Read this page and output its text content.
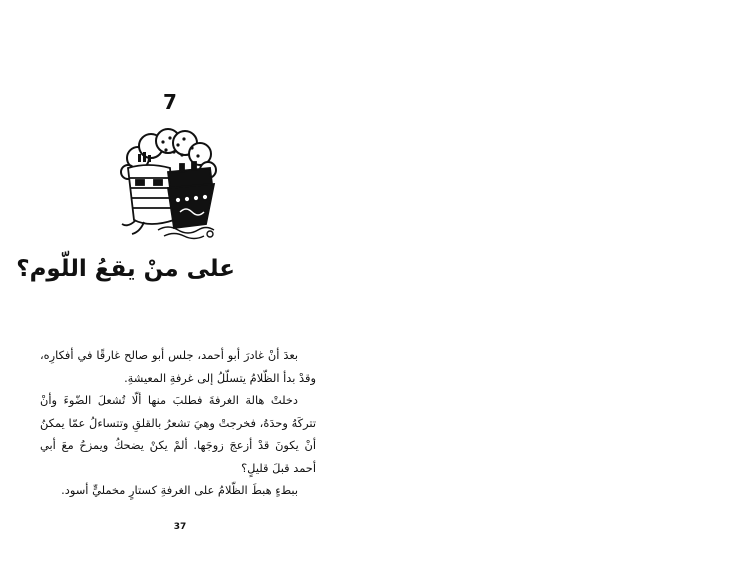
7
على منْ يقعُ اللّوم؟

بعدَ أنْ غادرَ أبو أحمد، جلس أبو صالح غارقًا في أفكارِه، وقدْ بدأ الظّلامُ يتسلّلُ إلى غرفةِ المعيشةِ.

دخلتْ هالة الغرفةَ فطلبَ منها ألّا تُشعلَ الضّوءَ وأنْ تتركَهُ وحدَهُ، فخرجتْ وهيَ تشعرُ بالقلقِ وتتساءلُ عمّا يمكنُ أنْ يكونَ قدْ أزعجَ زوجَها. ألمْ يكنْ يضحكُ ويمزحُ معَ أبي أحمد قبلَ قليلٍ؟

ببطءٍ هبطَ الظّلامُ على الغرفةِ كستارٍ مخمليٍّ أسود.

37
